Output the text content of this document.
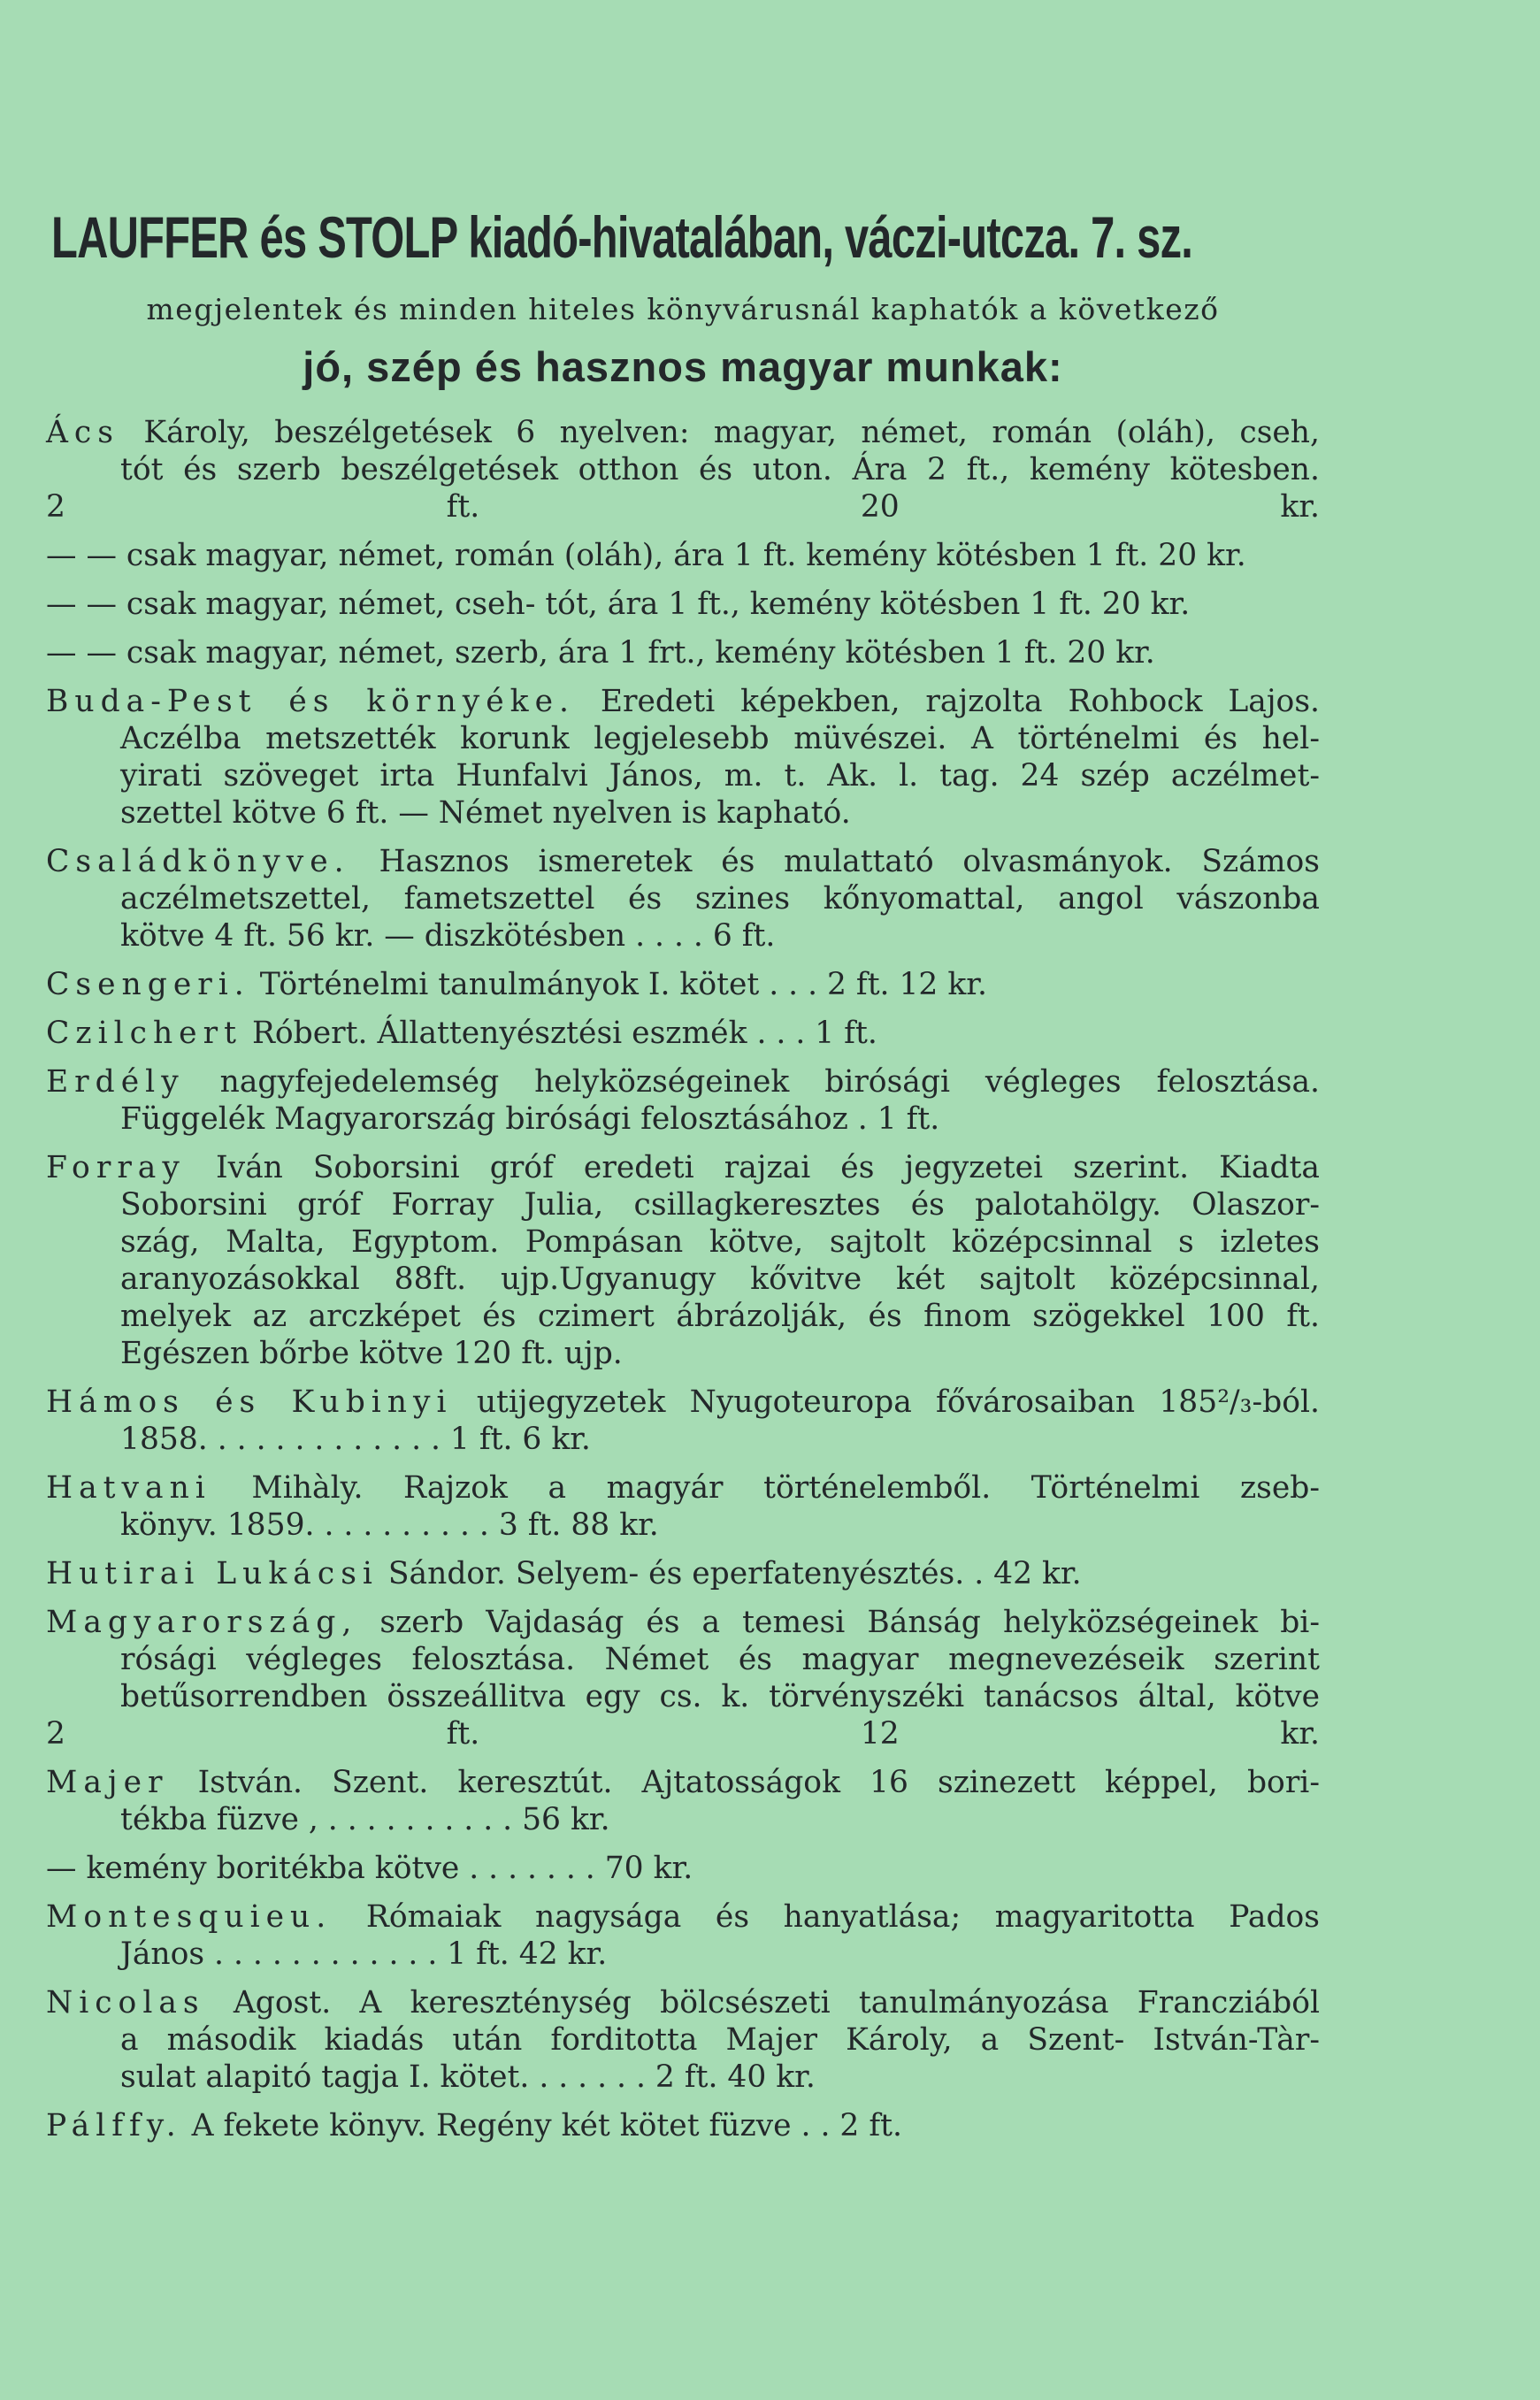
LAUFFER és STOLP kiadó-hivatalában, váczi-utcza. 7. sz.
megjelentek és minden hiteles könyvárusnál kaphatók a következő
jó, szép és hasznos magyar munkak:
Ács Károly, beszélgetések 6 nyelven: magyar, német, román (oláh), cseh,
tót és szerb beszélgetések otthon és uton. Ára 2 ft., kemény kötesben.
2 ft. 20 kr.
— — csak magyar, német, román (oláh), ára 1 ft. kemény kötésben 1 ft. 20 kr.
— — csak magyar, német, cseh- tót, ára 1 ft., kemény kötésben 1 ft. 20 kr.
— — csak magyar, német, szerb, ára 1 frt., kemény kötésben 1 ft. 20 kr.
Buda-Pest és környéke. Eredeti képekben, rajzolta Rohbock Lajos.
Aczélba metszették korunk legjelesebb müvészei. A történelmi és hel-
yirati szöveget irta Hunfalvi János, m. t. Ak. l. tag. 24 szép aczélmet-
szettel kötve 6 ft. — Német nyelven is kapható.
Családkönyve. Hasznos ismeretek és mulattató olvasmányok. Számos
aczélmetszettel, fametszettel és szines kőnyomattal, angol vászonba
kötve 4 ft. 56 kr. — diszkötésben . . . . 6 ft.
Csengeri. Történelmi tanulmányok I. kötet . . . 2 ft. 12 kr.
Czilchert Róbert. Állattenyésztési eszmék . . . 1 ft.
Erdély nagyfejedelemség helyközségeinek birósági végleges felosztása.
Függelék Magyarország birósági felosztásához . 1 ft.
Forray Iván Soborsini gróf eredeti rajzai és jegyzetei szerint. Kiadta
Soborsini gróf Forray Julia, csillagkeresztes és palotahölgy. Olaszor-
szág, Malta, Egyptom. Pompásan kötve, sajtolt középcsinnal s izletes
aranyozásokkal 88ft. ujp.Ugyanugy kővitve két sajtolt középcsinnal,
melyek az arczképet és czimert ábrázolják, és finom szögekkel 100 ft.
Egészen bőrbe kötve 120 ft. ujp.
Hámos és Kubinyi utijegyzetek Nyugoteuropa fővárosaiban 185²/₃-ból.
1858. . . . . . . . . . . . . 1 ft. 6 kr.
Hatvani Mihàly. Rajzok a magyár történelemből. Történelmi zseb-
könyv. 1859. . . . . . . . . . 3 ft. 88 kr.
Hutirai Lukácsi Sándor. Selyem- és eperfatenyésztés. . 42 kr.
Magyarország, szerb Vajdaság és a temesi Bánság helyközségeinek bi-
rósági végleges felosztása. Német és magyar megnevezéseik szerint
betűsorrendben összeállitva egy cs. k. törvényszéki tanácsos által, kötve
2 ft. 12 kr.
Majer István. Szent. keresztút. Ajtatosságok 16 szinezett képpel, bori-
tékba füzve , . . . . . . . . . . 56 kr.
— kemény boritékba kötve . . . . . . . 70 kr.
Montesquieu. Rómaiak nagysága és hanyatlása; magyaritotta Pados
János . . . . . . . . . . . . 1 ft. 42 kr.
Nicolas Agost. A kereszténység bölcsészeti tanulmányozása Francziából
a második kiadás után forditotta Majer Károly, a Szent- István-Tàr-
sulat alapitó tagja I. kötet. . . . . . . 2 ft. 40 kr.
Pálffy. A fekete könyv. Regény két kötet füzve . . 2 ft.
